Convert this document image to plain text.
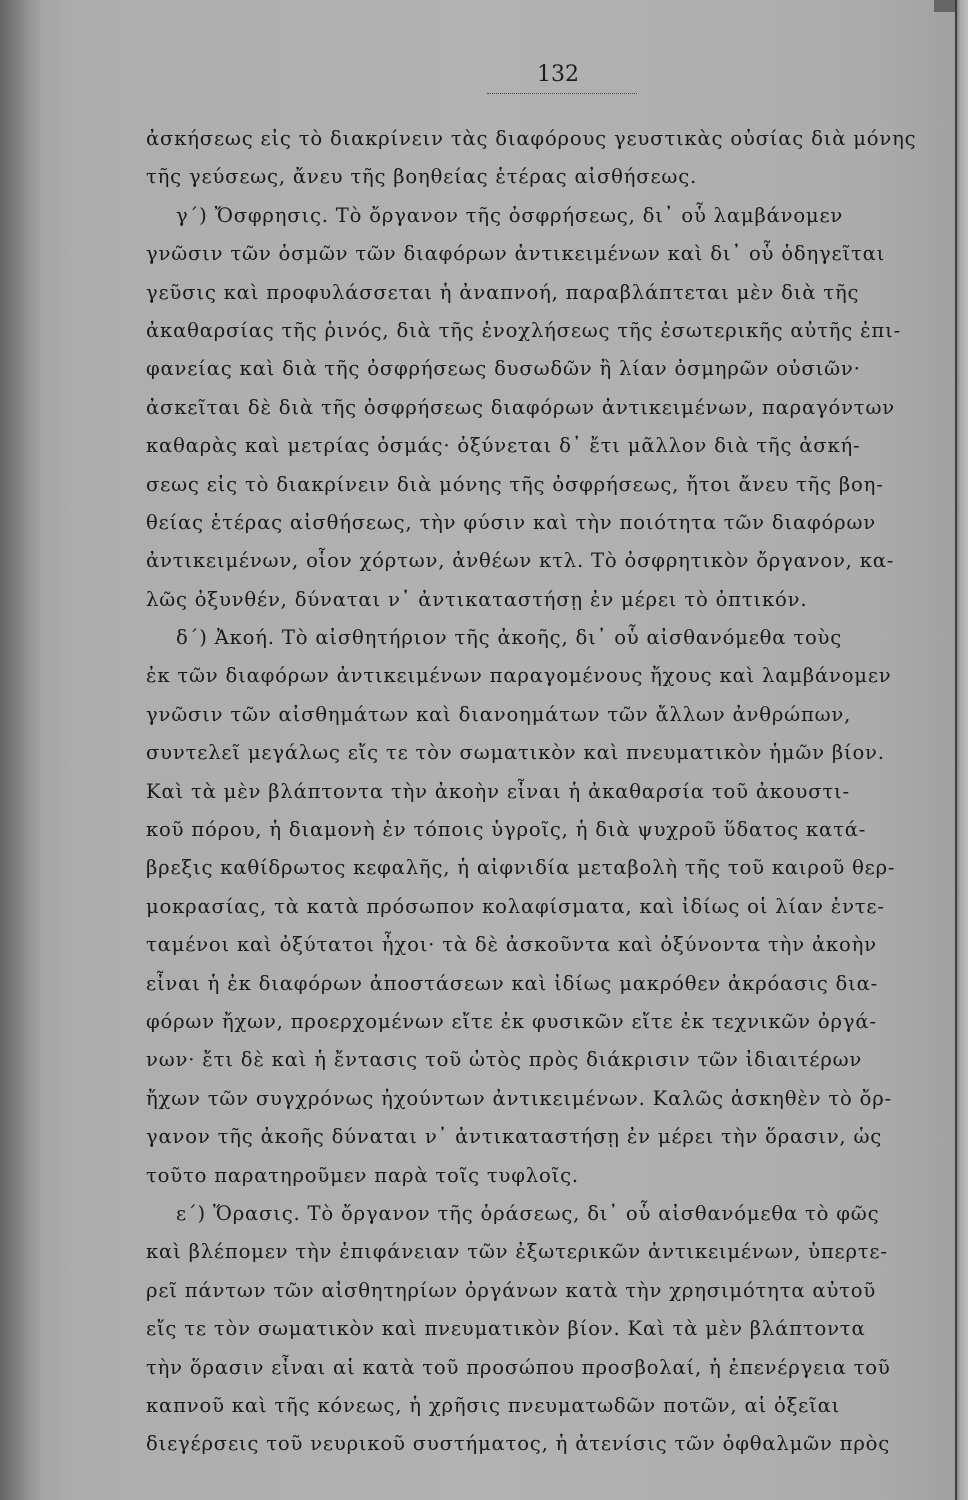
132
ἀσκήσεως εἰς τὸ διακρίνειν τὰς διαφόρους γευστικὰς οὐσίας διὰ μόνης
τῆς γεύσεως, ἄνευ τῆς βοηθείας ἑτέρας αἰσθήσεως.
γ΄) Ὄσφρησις. Τὸ ὄργανον τῆς ὀσφρήσεως, δι᾽ οὗ λαμβάνομεν
γνῶσιν τῶν ὀσμῶν τῶν διαφόρων ἀντικειμένων καὶ δι᾽ οὗ ὁδηγεῖται
γεῦσις καὶ προφυλάσσεται ἡ ἀναπνοή, παραβλάπτεται μὲν διὰ τῆς
ἀκαθαρσίας τῆς ῥινός, διὰ τῆς ἐνοχλήσεως τῆς ἐσωτερικῆς αὐτῆς ἐπι-
φανείας καὶ διὰ τῆς ὀσφρήσεως δυσωδῶν ἢ λίαν ὀσμηρῶν οὐσιῶν·
ἀσκεῖται δὲ διὰ τῆς ὀσφρήσεως διαφόρων ἀντικειμένων, παραγόντων
καθαρὰς καὶ μετρίας ὀσμάς· ὀξύνεται δ᾽ ἔτι μᾶλλον διὰ τῆς ἀσκή-
σεως εἰς τὸ διακρίνειν διὰ μόνης τῆς ὀσφρήσεως, ἤτοι ἄνευ τῆς βοη-
θείας ἑτέρας αἰσθήσεως, τὴν φύσιν καὶ τὴν ποιότητα τῶν διαφόρων
ἀντικειμένων, οἷον χόρτων, ἀνθέων κτλ. Τὸ ὀσφρητικὸν ὄργανον, κα-
λῶς ὀξυνθέν, δύναται ν᾽ ἀντικαταστήσῃ ἐν μέρει τὸ ὀπτικόν.
δ΄) Ἀκοή. Τὸ αἰσθητήριον τῆς ἀκοῆς, δι᾽ οὗ αἰσθανόμεθα τοὺς
ἐκ τῶν διαφόρων ἀντικειμένων παραγομένους ἤχους καὶ λαμβάνομεν
γνῶσιν τῶν αἰσθημάτων καὶ διανοημάτων τῶν ἄλλων ἀνθρώπων,
συντελεῖ μεγάλως εἴς τε τὸν σωματικὸν καὶ πνευματικὸν ἡμῶν βίον.
Καὶ τὰ μὲν βλάπτοντα τὴν ἀκοὴν εἶναι ἡ ἀκαθαρσία τοῦ ἀκουστι-
κοῦ πόρου, ἡ διαμονὴ ἐν τόποις ὑγροῖς, ἡ διὰ ψυχροῦ ὕδατος κατά-
βρεξις καθίδρωτος κεφαλῆς, ἡ αἰφνιδία μεταβολὴ τῆς τοῦ καιροῦ θερ-
μοκρασίας, τὰ κατὰ πρόσωπον κολαφίσματα, καὶ ἰδίως οἱ λίαν ἐντε-
ταμένοι καὶ ὀξύτατοι ἦχοι· τὰ δὲ ἀσκοῦντα καὶ ὀξύνοντα τὴν ἀκοὴν
εἶναι ἡ ἐκ διαφόρων ἀποστάσεων καὶ ἰδίως μακρόθεν ἀκρόασις δια-
φόρων ἤχων, προερχομένων εἴτε ἐκ φυσικῶν εἴτε ἐκ τεχνικῶν ὀργά-
νων· ἔτι δὲ καὶ ἡ ἔντασις τοῦ ὠτὸς πρὸς διάκρισιν τῶν ἰδιαιτέρων
ἤχων τῶν συγχρόνως ἠχούντων ἀντικειμένων. Καλῶς ἀσκηθὲν τὸ ὄρ-
γανον τῆς ἀκοῆς δύναται ν᾽ ἀντικαταστήσῃ ἐν μέρει τὴν ὅρασιν, ὡς
τοῦτο παρατηροῦμεν παρὰ τοῖς τυφλοῖς.
ε΄) Ὅρασις. Τὸ ὄργανον τῆς ὁράσεως, δι᾽ οὗ αἰσθανόμεθα τὸ φῶς
καὶ βλέπομεν τὴν ἐπιφάνειαν τῶν ἐξωτερικῶν ἀντικειμένων, ὑπερτε-
ρεῖ πάντων τῶν αἰσθητηρίων ὀργάνων κατὰ τὴν χρησιμότητα αὐτοῦ
εἴς τε τὸν σωματικὸν καὶ πνευματικὸν βίον. Καὶ τὰ μὲν βλάπτοντα
τὴν ὅρασιν εἶναι αἱ κατὰ τοῦ προσώπου προσβολαί, ἡ ἐπενέργεια τοῦ
καπνοῦ καὶ τῆς κόνεως, ἡ χρῆσις πνευματωδῶν ποτῶν, αἱ ὀξεῖαι
διεγέρσεις τοῦ νευρικοῦ συστήματος, ἡ ἀτενίσις τῶν ὀφθαλμῶν πρὸς
